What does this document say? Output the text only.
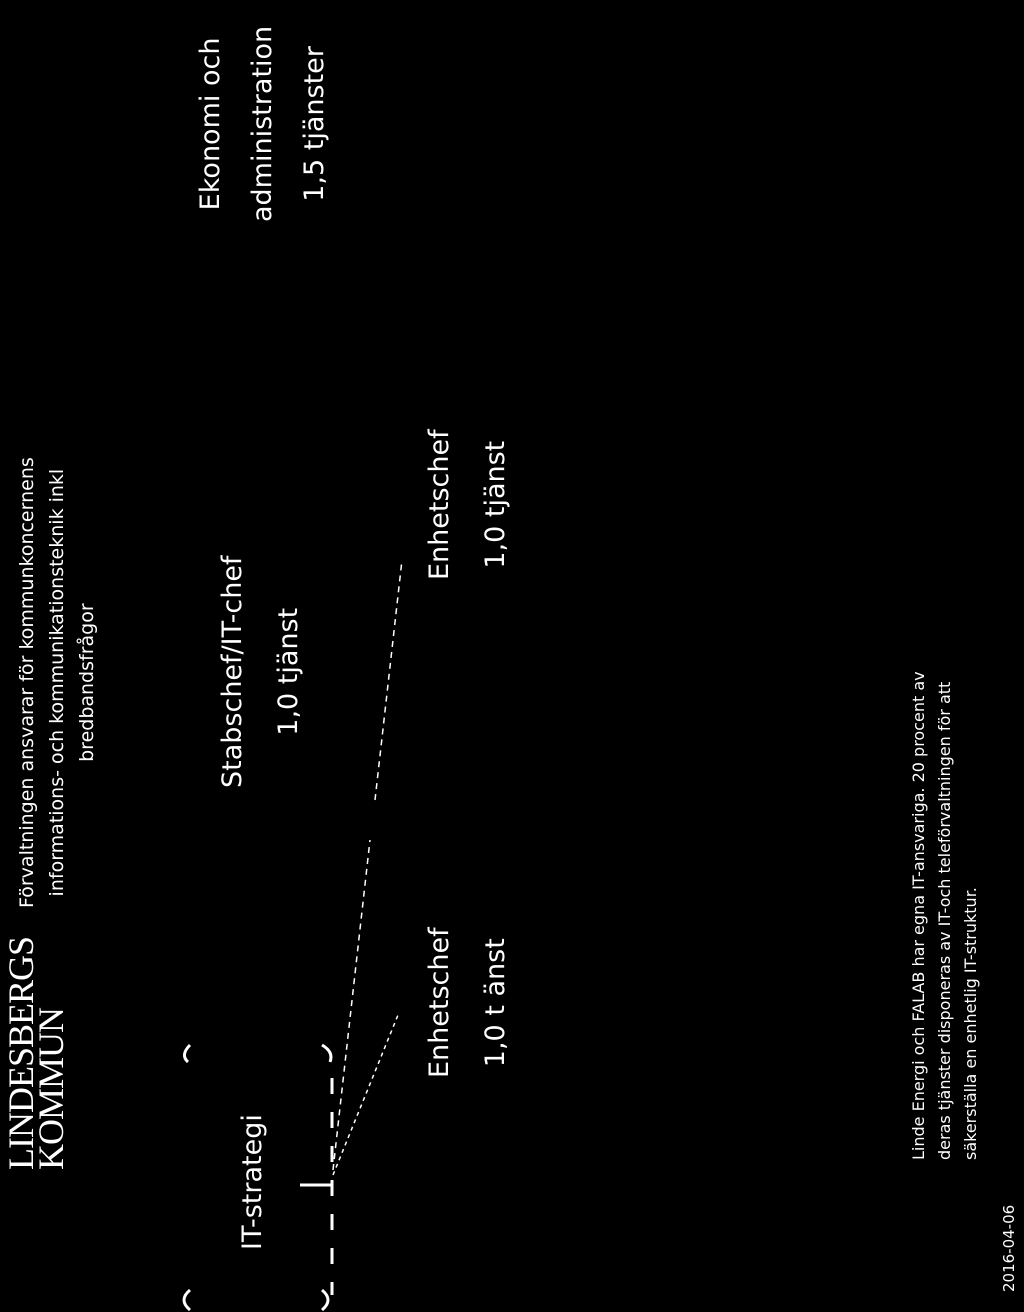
LINDESBERGS
KOMMUN
Förvaltningen ansvarar för kommunkoncernens informations- och kommunikationsteknik inkl bredbandsfrågor
IT-strategi
Stabschef/IT-chef 1,0 tjänst
Ekonomi och administration 1,5 tjänster
Enhetschef 1,0 t änst
Enhetschef 1,0 tjänst
Linde Energi och FALAB har egna IT-ansvariga. 20 procent av deras tjänster disponeras av IT-och teleförvaltningen för att säkerställa en enhetlig IT-struktur.
2016-04-06
